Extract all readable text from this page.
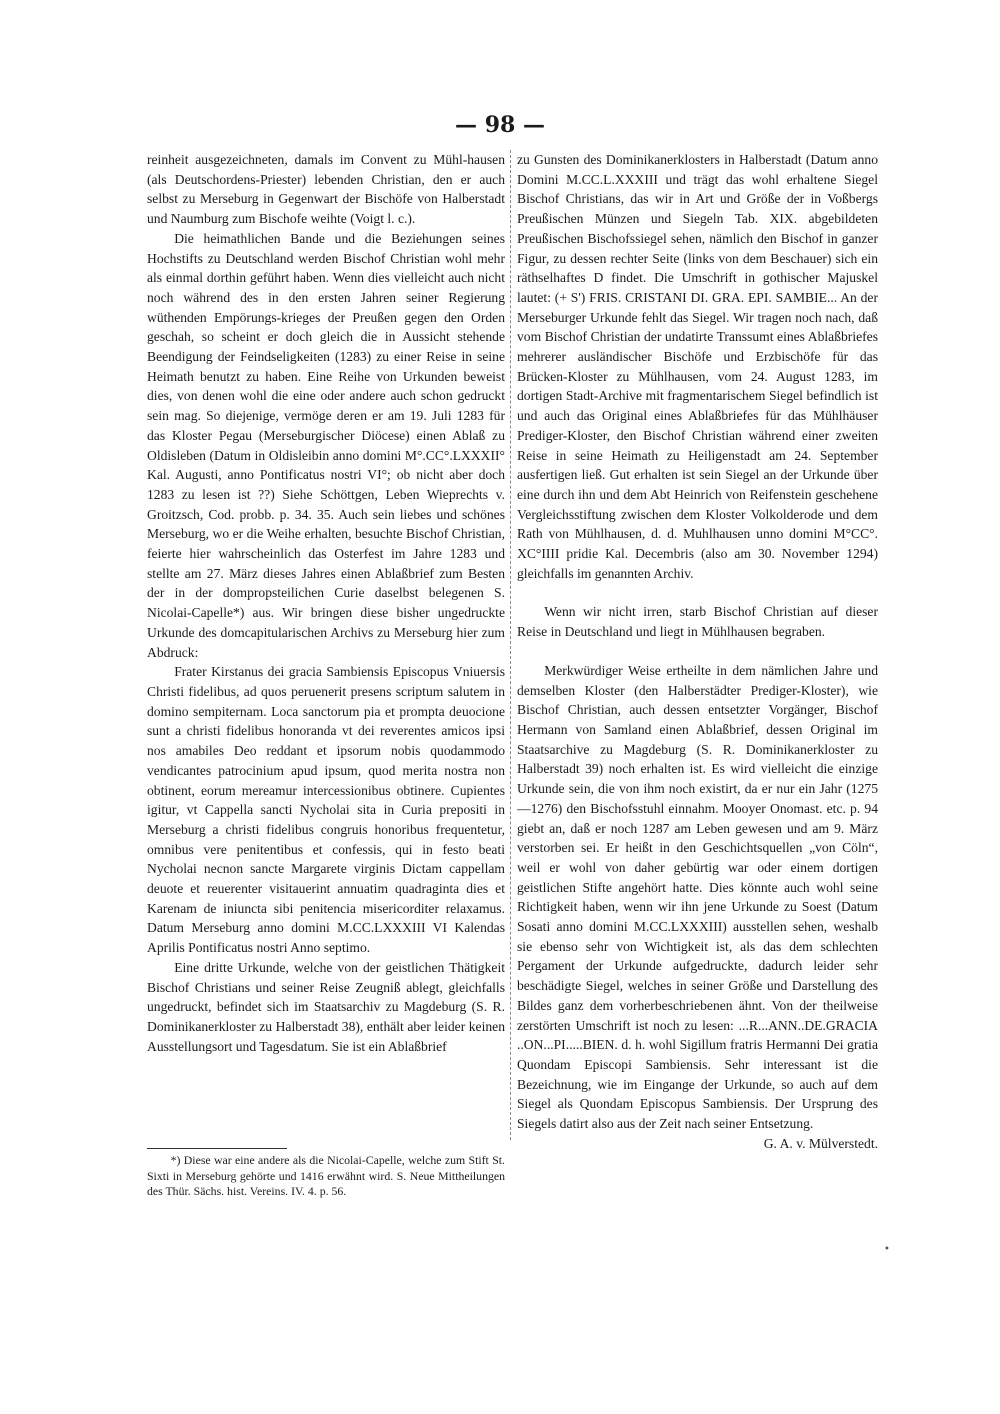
— 98 —

reinheit ausgezeichneten, damals im Convent zu Mühl-hausen (als Deutschordens-Priester) lebenden Christian, den er auch selbst zu Merseburg in Gegenwart der Bischöfe von Halberstadt und Naumburg zum Bischofe weihte (Voigt l. c.).

Die heimathlichen Bande und die Beziehungen seines Hochstifts zu Deutschland werden Bischof Christian wohl mehr als einmal dorthin geführt haben. Wenn dies vielleicht auch nicht noch während des in den ersten Jahren seiner Regierung wüthenden Empörungs-krieges der Preußen gegen den Orden geschah, so scheint er doch gleich die in Aussicht stehende Beendigung der Feindseligkeiten (1283) zu einer Reise in seine Heimath benutzt zu haben. Eine Reihe von Urkunden beweist dies, von denen wohl die eine oder andere auch schon gedruckt sein mag. So diejenige, vermöge deren er am 19. Juli 1283 für das Kloster Pegau (Merseburgischer Diöcese) einen Ablaß zu Oldisleben (Datum in Oldisleibin anno domini M°.CC°.LXXXII° Kal. Augusti, anno Pontificatus nostri VI°; ob nicht aber doch 1283 zu lesen ist ??) Siehe Schöttgen, Leben Wieprechts v. Groitzsch, Cod. probb. p. 34. 35. Auch sein liebes und schönes Merseburg, wo er die Weihe erhalten, besuchte Bischof Christian, feierte hier wahrscheinlich das Osterfest im Jahre 1283 und stellte am 27. März dieses Jahres einen Ablaßbrief zum Besten der in der dompropsteilichen Curie daselbst belegenen S. Nicolai-Capelle*) aus. Wir bringen diese bisher ungedruckte Urkunde des domcapitularischen Archivs zu Merseburg hier zum Abdruck:

Frater Kirstanus dei gracia Sambiensis Episcopus Vniuersis Christi fidelibus, ad quos peruenerit presens scriptum salutem in domino sempiternam. Loca sanctorum pia et prompta deuocione sunt a christi fidelibus honoranda vt dei reverentes amicos ipsi nos amabiles Deo reddant et ipsorum nobis quodammodo vendicantes patrocinium apud ipsum, quod merita nostra non obtinent, eorum mereamur intercessionibus obtinere. Cupientes igitur, vt Cappella sancti Nycholai sita in Curia prepositi in Merseburg a christi fidelibus congruis honoribus frequentetur, omnibus vere penitentibus et confessis, qui in festo beati Nycholai necnon sancte Margarete virginis Dictam cappellam deuote et reuerenter visitauerint annuatim quadraginta dies et Karenam de iniuncta sibi penitencia misericorditer relaxamus. Datum Merseburg anno domini M.CC.LXXXIII VI Kalendas Aprilis Pontificatus nostri Anno septimo.

Eine dritte Urkunde, welche von der geistlichen Thätigkeit Bischof Christians und seiner Reise Zeugniß ablegt, gleichfalls ungedruckt, befindet sich im Staatsarchiv zu Magdeburg (S. R. Dominikanerkloster zu Halberstadt 38), enthält aber leider keinen Ausstellungsort und Tagesdatum. Sie ist ein Ablaßbrief

zu Gunsten des Dominikanerklosters in Halberstadt (Datum anno Domini M.CC.L.XXXIII und trägt das wohl erhaltene Siegel Bischof Christians, das wir in Art und Größe der in Voßbergs Preußischen Münzen und Siegeln Tab. XIX. abgebildeten Preußischen Bischofssiegel sehen, nämlich den Bischof in ganzer Figur, zu dessen rechter Seite (links von dem Beschauer) sich ein räthselhaftes D findet. Die Umschrift in gothischer Majuskel lautet: (+ S') FRIS. CRISTANI DI. GRA. EPI. SAMBIE... An der Merseburger Urkunde fehlt das Siegel. Wir tragen noch nach, daß vom Bischof Christian der undatirte Transsumt eines Ablaßbriefes mehrerer ausländischer Bischöfe und Erzbischöfe für das Brücken-Kloster zu Mühlhausen, vom 24. August 1283, im dortigen Stadt-Archive mit fragmentarischem Siegel befindlich ist und auch das Original eines Ablaßbriefes für das Mühlhäuser Prediger-Kloster, den Bischof Christian während einer zweiten Reise in seine Heimath zu Heiligenstadt am 24. September ausfertigen ließ. Gut erhalten ist sein Siegel an der Urkunde über eine durch ihn und dem Abt Heinrich von Reifenstein geschehene Vergleichsstiftung zwischen dem Kloster Volkolderode und dem Rath von Mühlhausen, d. d. Muhlhausen unno domini M°CC°. XC°IIII pridie Kal. Decembris (also am 30. November 1294) gleichfalls im genannten Archiv.

Wenn wir nicht irren, starb Bischof Christian auf dieser Reise in Deutschland und liegt in Mühlhausen begraben.

Merkwürdiger Weise ertheilte in dem nämlichen Jahre und demselben Kloster (den Halberstädter Prediger-Kloster), wie Bischof Christian, auch dessen entsetzter Vorgänger, Bischof Hermann von Samland einen Ablaßbrief, dessen Original im Staatsarchive zu Magdeburg (S. R. Dominikanerkloster zu Halberstadt 39) noch erhalten ist. Es wird vielleicht die einzige Urkunde sein, die von ihm noch existirt, da er nur ein Jahr (1275—1276) den Bischofsstuhl einnahm. Mooyer Onomast. etc. p. 94 giebt an, daß er noch 1287 am Leben gewesen und am 9. März verstorben sei. Er heißt in den Geschichtsquellen „von Cöln“, weil er wohl von daher gebürtig war oder einem dortigen geistlichen Stifte angehört hatte. Dies könnte auch wohl seine Richtigkeit haben, wenn wir ihn jene Urkunde zu Soest (Datum Sosati anno domini M.CC.LXXXIII) ausstellen sehen, weshalb sie ebenso sehr von Wichtigkeit ist, als das dem schlechten Pergament der Urkunde aufgedruckte, dadurch leider sehr beschädigte Siegel, welches in seiner Größe und Darstellung des Bildes ganz dem vorherbeschriebenen ähnt. Von der theilweise zerstörten Umschrift ist noch zu lesen: ...R...ANN..DE.GRACIA ..ON...PI.....BIEN. d. h. wohl Sigillum fratris Hermanni Dei gratia Quondam Episcopi Sambiensis. Sehr interessant ist die Bezeichnung, wie im Eingange der Urkunde, so auch auf dem Siegel als Quondam Episcopus Sambiensis. Der Ursprung des Siegels datirt also aus der Zeit nach seiner Entsetzung.

G. A. v. Mülverstedt.

*) Diese war eine andere als die Nicolai-Capelle, welche zum Stift St. Sixti in Merseburg gehörte und 1416 erwähnt wird. S. Neue Mittheilungen des Thür. Sächs. hist. Vereins. IV. 4. p. 56.

•
